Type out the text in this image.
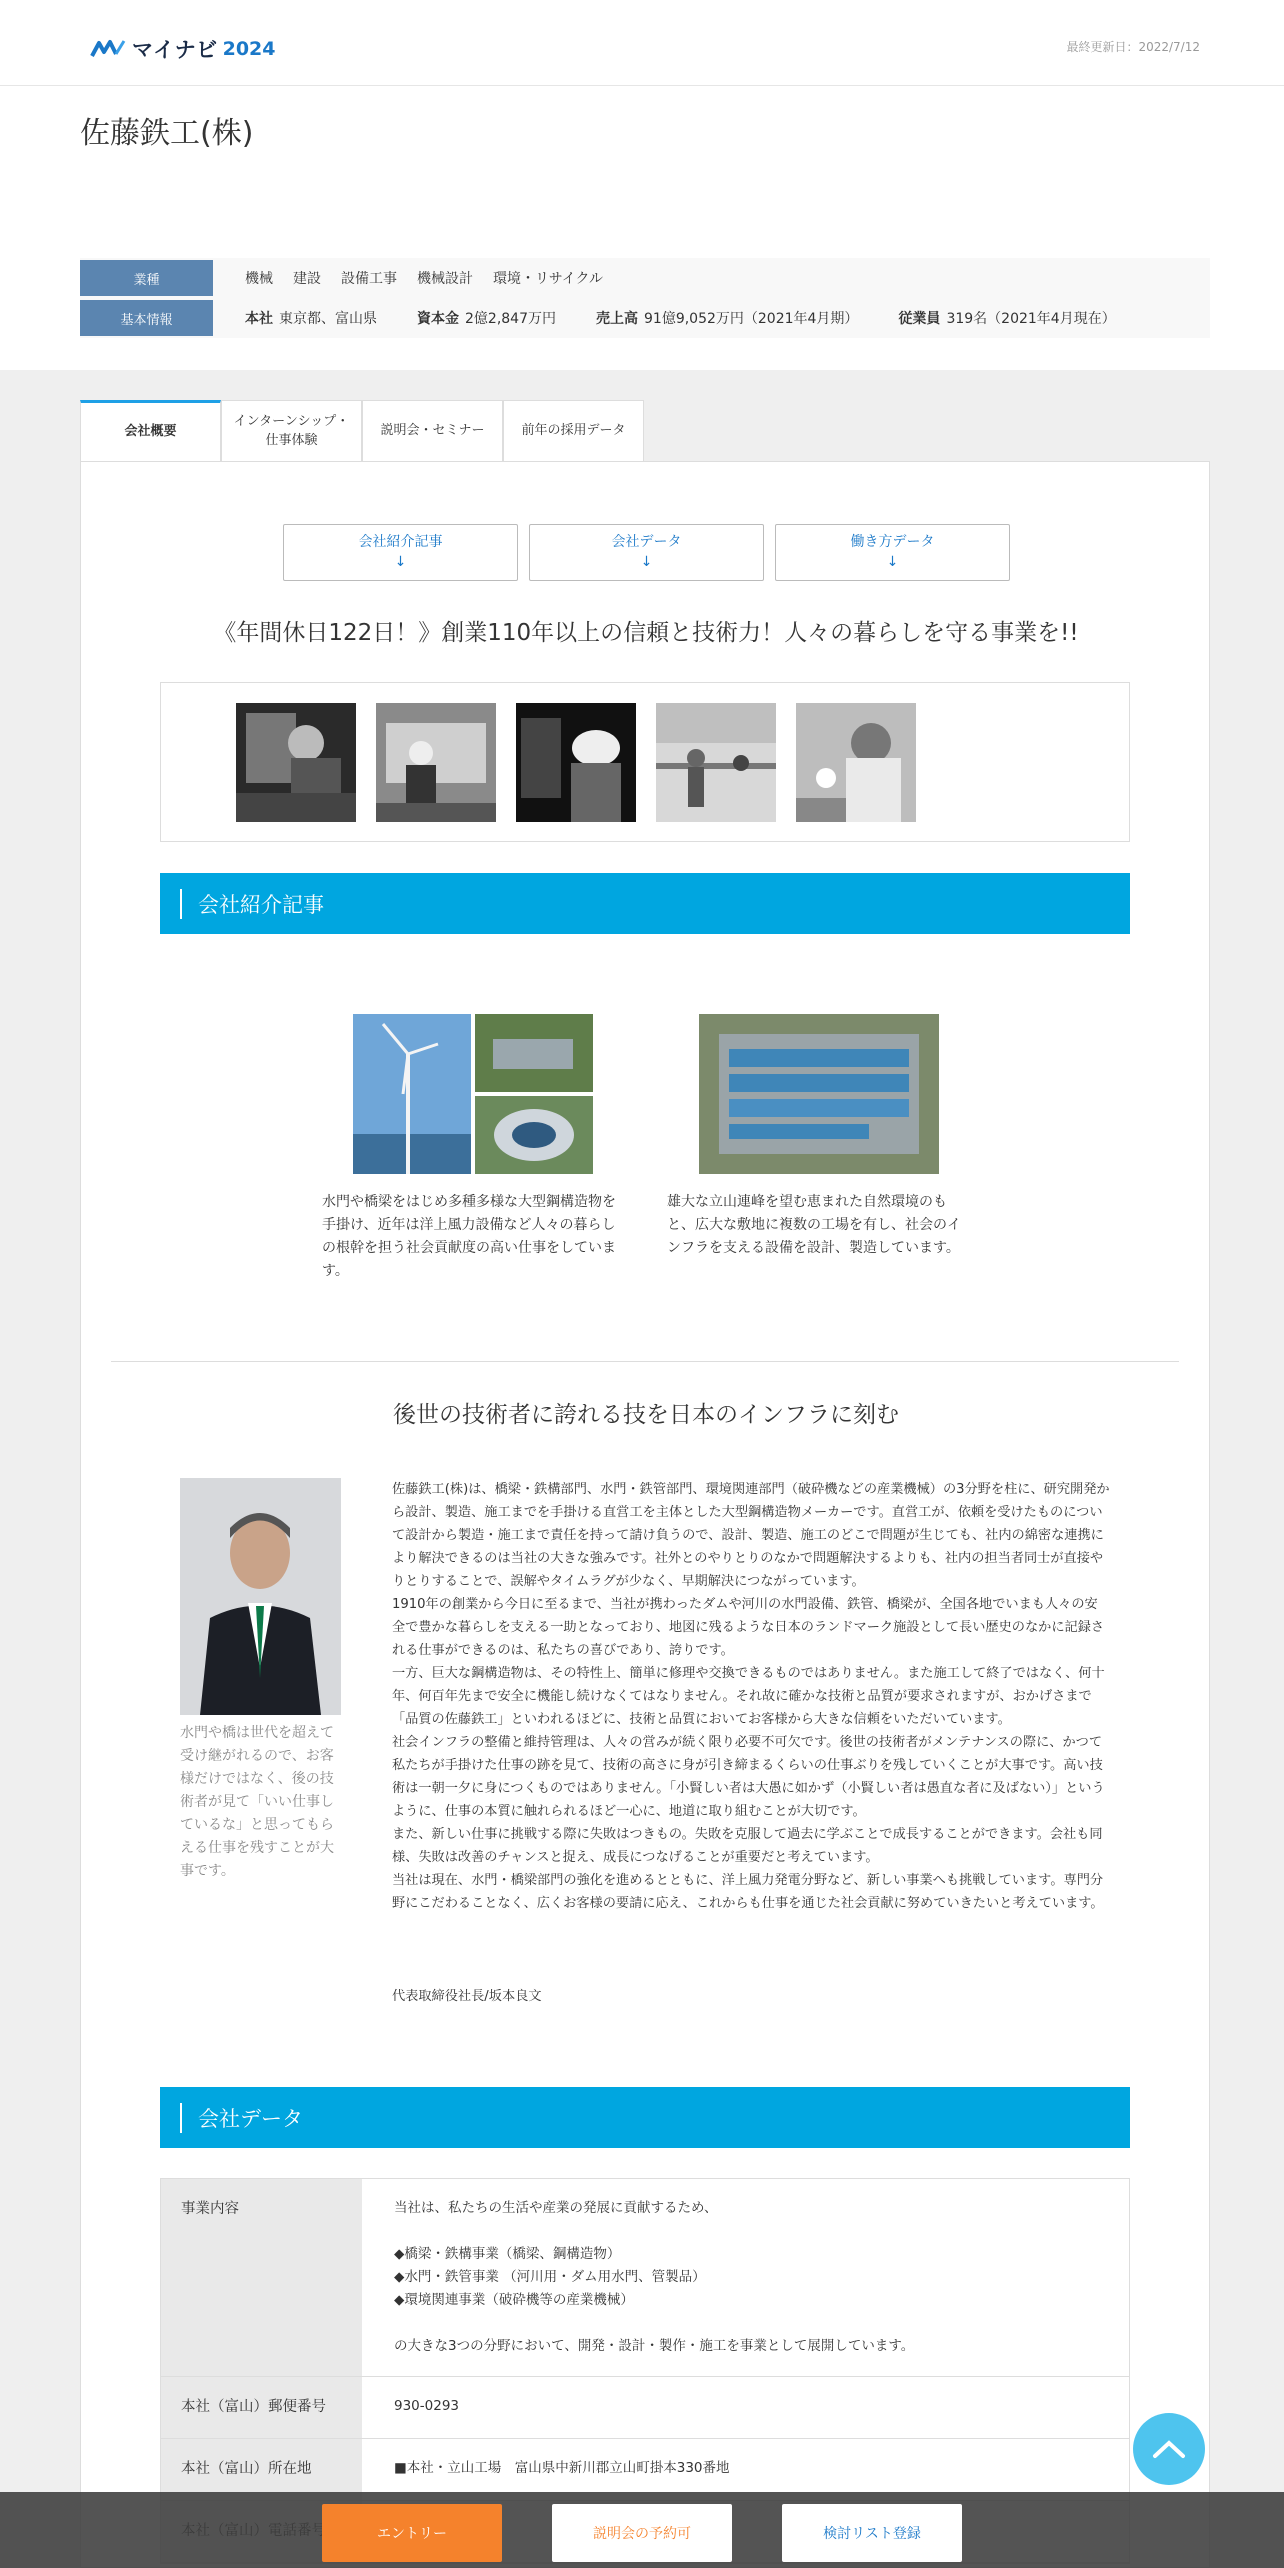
マイナビ 2024	最終更新日：2022/7/12
佐藤鉄工(株)
業種	機械 建設 設備工事 機械設計 環境・リサイクル
基本情報	本社 東京都、富山県	資本金 2億2,847万円	売上高 91億9,052万円（2021年4月期）	従業員 319名（2021年4月現在）
会社概要
インターンシップ・
仕事体験
説明会・セミナー	前年の採用データ
会社紹介記事
↓
会社データ
↓
働き方データ
↓
《年間休日122日！》創業110年以上の信頼と技術力！人々の暮らしを守る事業を!!
会社紹介記事
水門や橋梁をはじめ多種多様な大型鋼構造物を手掛け、近年は洋上風力設備など人々の暮らしの根幹を担う社会貢献度の高い仕事をしています。
雄大な立山連峰を望む恵まれた自然環境のもと、広大な敷地に複数の工場を有し、社会のインフラを支える設備を設計、製造しています。
後世の技術者に誇れる技を日本のインフラに刻む
水門や橋は世代を超えて受け継がれるので、お客様だけではなく、後の技術者が見て「いい仕事しているな」と思ってもらえる仕事を残すことが大事です。
佐藤鉄工(株)は、橋梁・鉄構部門、水門・鉄管部門、環境関連部門（破砕機などの産業機械）の3分野を柱に、研究開発から設計、製造、施工までを手掛ける直営工を主体とした大型鋼構造物メーカーです。直営工が、依頼を受けたものについて設計から製造・施工まで責任を持って請け負うので、設計、製造、施工のどこで問題が生じても、社内の綿密な連携により解決できるのは当社の大きな強みです。社外とのやりとりのなかで問題解決するよりも、社内の担当者同士が直接やりとりすることで、誤解やタイムラグが少なく、早期解決につながっています。
1910年の創業から今日に至るまで、当社が携わったダムや河川の水門設備、鉄管、橋梁が、全国各地でいまも人々の安全で豊かな暮らしを支える一助となっており、地図に残るような日本のランドマーク施設として長い歴史のなかに記録される仕事ができるのは、私たちの喜びであり、誇りです。
一方、巨大な鋼構造物は、その特性上、簡単に修理や交換できるものではありません。また施工して終了ではなく、何十年、何百年先まで安全に機能し続けなくてはなりません。それ故に確かな技術と品質が要求されますが、おかげさまで「品質の佐藤鉄工」といわれるほどに、技術と品質においてお客様から大きな信頼をいただいています。
社会インフラの整備と維持管理は、人々の営みが続く限り必要不可欠です。後世の技術者がメンテナンスの際に、かつて私たちが手掛けた仕事の跡を見て、技術の高さに身が引き締まるくらいの仕事ぶりを残していくことが大事です。高い技術は一朝一夕に身につくものではありません。「小賢しい者は大愚に如かず（小賢しい者は愚直な者に及ばない）」というように、仕事の本質に触れられるほど一心に、地道に取り組むことが大切です。
また、新しい仕事に挑戦する際に失敗はつきもの。失敗を克服して過去に学ぶことで成長することができます。会社も同様、失敗は改善のチャンスと捉え、成長につなげることが重要だと考えています。
当社は現在、水門・橋梁部門の強化を進めるとともに、洋上風力発電分野など、新しい事業へも挑戦しています。専門分野にこだわることなく、広くお客様の要請に応え、これからも仕事を通じた社会貢献に努めていきたいと考えています。
代表取締役社長/坂本良文
会社データ
事業内容	当社は、私たちの生活や産業の発展に貢献するため、

◆橋梁・鉄構事業（橋梁、鋼構造物）
◆水門・鉄管事業 （河川用・ダム用水門、管製品）
◆環境関連事業（破砕機等の産業機械）

の大きな3つの分野において、開発・設計・製作・施工を事業として展開しています。
本社（富山）郵便番号	930-0293
本社（富山）所在地	■本社・立山工場　富山県中新川郡立山町掛本330番地
エントリー	説明会の予約可	検討リスト登録
